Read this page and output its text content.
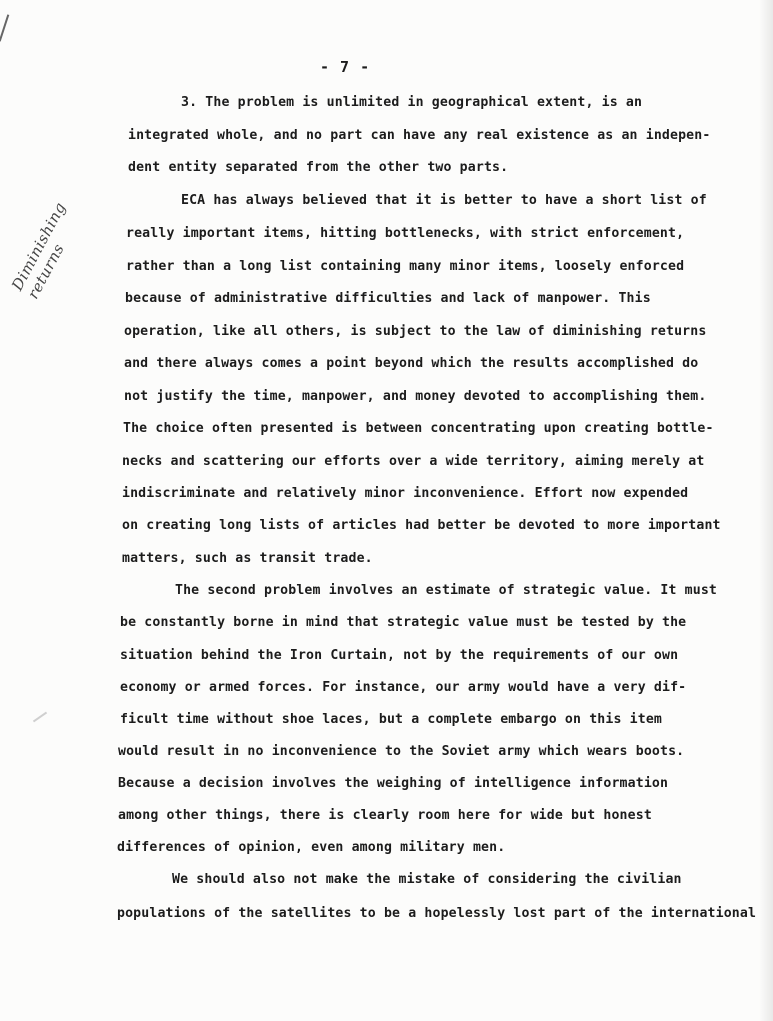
- 7 -
Diminishing returns
3. The problem is unlimited in geographical extent, is an
integrated whole, and no part can have any real existence as an indepen-
dent entity separated from the other two parts.
ECA has always believed that it is better to have a short list of
really important items, hitting bottlenecks, with strict enforcement,
rather than a long list containing many minor items, loosely enforced
because of administrative difficulties and lack of manpower. This
operation, like all others, is subject to the law of diminishing returns
and there always comes a point beyond which the results accomplished do
not justify the time, manpower, and money devoted to accomplishing them.
The choice often presented is between concentrating upon creating bottle-
necks and scattering our efforts over a wide territory, aiming merely at
indiscriminate and relatively minor inconvenience. Effort now expended
on creating long lists of articles had better be devoted to more important
matters, such as transit trade.
The second problem involves an estimate of strategic value. It must
be constantly borne in mind that strategic value must be tested by the
situation behind the Iron Curtain, not by the requirements of our own
economy or armed forces. For instance, our army would have a very dif-
ficult time without shoe laces, but a complete embargo on this item
would result in no inconvenience to the Soviet army which wears boots.
Because a decision involves the weighing of intelligence information
among other things, there is clearly room here for wide but honest
differences of opinion, even among military men.
We should also not make the mistake of considering the civilian
populations of the satellites to be a hopelessly lost part of the international
